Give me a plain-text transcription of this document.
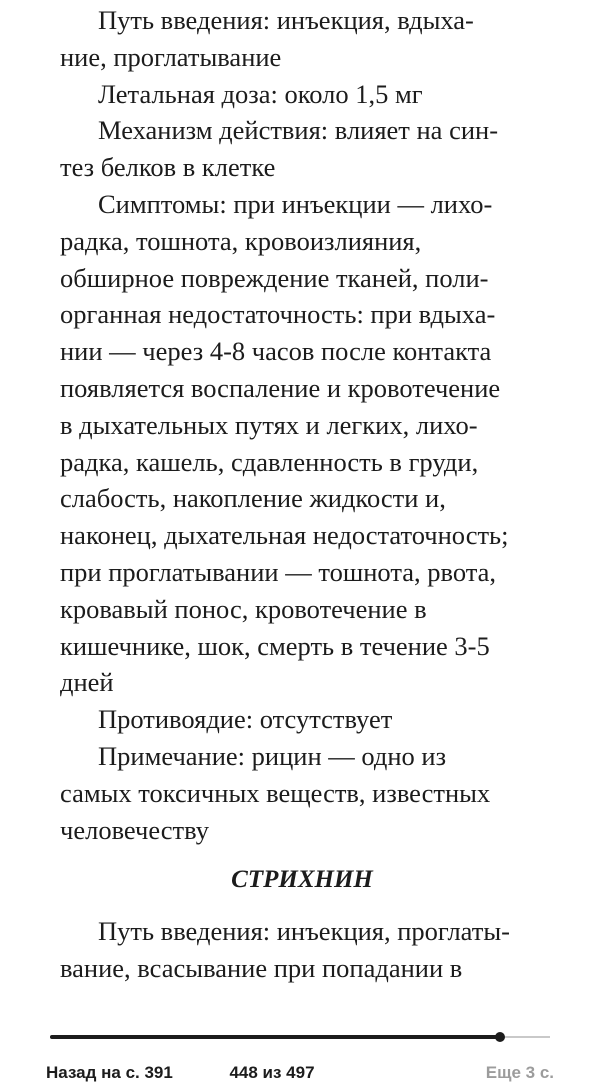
Путь введения: инъекция, вдыха-
ние, проглатывание
Летальная доза: около 1,5 мг
Механизм действия: влияет на син-
тез белков в клетке
Симптомы: при инъекции — лихо-
радка, тошнота, кровоизлияния,
обширное повреждение тканей, поли-
органная недостаточность: при вдыха-
нии — через 4-8 часов после контакта
появляется воспаление и кровотечение
в дыхательных путях и легких, лихо-
радка, кашель, сдавленность в груди,
слабость, накопление жидкости и,
наконец, дыхательная недостаточность;
при проглатывании — тошнота, рвота,
кровавый понос, кровотечение в
кишечнике, шок, смерть в течение 3-5
дней
Противоядие: отсутствует
Примечание: рицин — одно из
самых токсичных веществ, известных
человечеству
СТРИХНИН
Путь введения: инъекция, проглаты-
вание, всасывание при попадании в
Назад на с. 391	448 из 497	Еще 3 с.
